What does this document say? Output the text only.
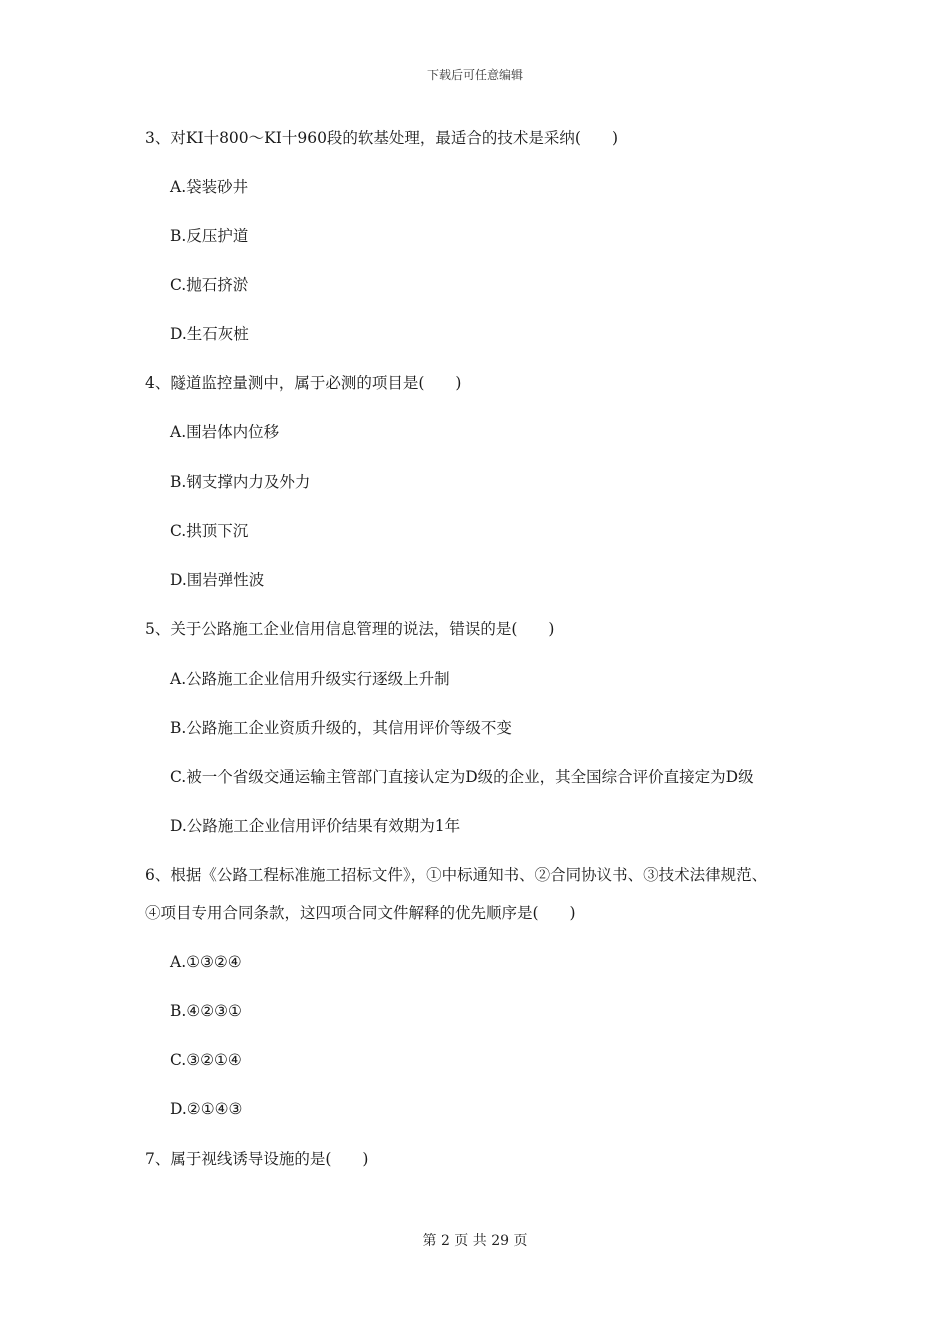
下载后可任意编辑
3、对KI十800～KI十960段的软基处理，最适合的技术是采纳(　　)
A.袋装砂井
B.反压护道
C.抛石挤淤
D.生石灰桩
4、隧道监控量测中，属于必测的项目是(　　)
A.围岩体内位移
B.钢支撑内力及外力
C.拱顶下沉
D.围岩弹性波
5、关于公路施工企业信用信息管理的说法，错误的是(　　)
A.公路施工企业信用升级实行逐级上升制
B.公路施工企业资质升级的，其信用评价等级不变
C.被一个省级交通运输主管部门直接认定为D级的企业，其全国综合评价直接定为D级
D.公路施工企业信用评价结果有效期为1年
6、根据《公路工程标准施工招标文件》，①中标通知书、②合同协议书、③技术法律规范、
④项目专用合同条款，这四项合同文件解释的优先顺序是(　　)
A.①③②④
B.④②③①
C.③②①④
D.②①④③
7、属于视线诱导设施的是(　　)
第 2 页 共 29 页
